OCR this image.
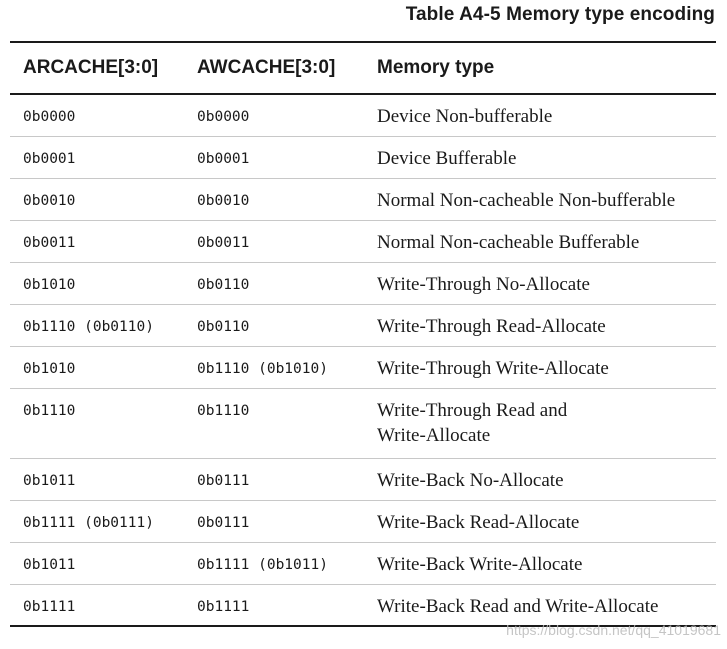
Table A4-5 Memory type encoding
ARCACHE[3:0]	AWCACHE[3:0]	Memory type
0b0000	0b0000	Device Non-bufferable
0b0001	0b0001	Device Bufferable
0b0010	0b0010	Normal Non-cacheable Non-bufferable
0b0011	0b0011	Normal Non-cacheable Bufferable
0b1010	0b0110	Write-Through No-Allocate
0b1110 (0b0110)	0b0110	Write-Through Read-Allocate
0b1010	0b1110 (0b1010)	Write-Through Write-Allocate
0b1110	0b1110	Write-Through Read and Write-Allocate
0b1011	0b0111	Write-Back No-Allocate
0b1111 (0b0111)	0b0111	Write-Back Read-Allocate
0b1011	0b1111 (0b1011)	Write-Back Write-Allocate
0b1111	0b1111	Write-Back Read and Write-Allocate
https://blog.csdn.net/qq_41019681
